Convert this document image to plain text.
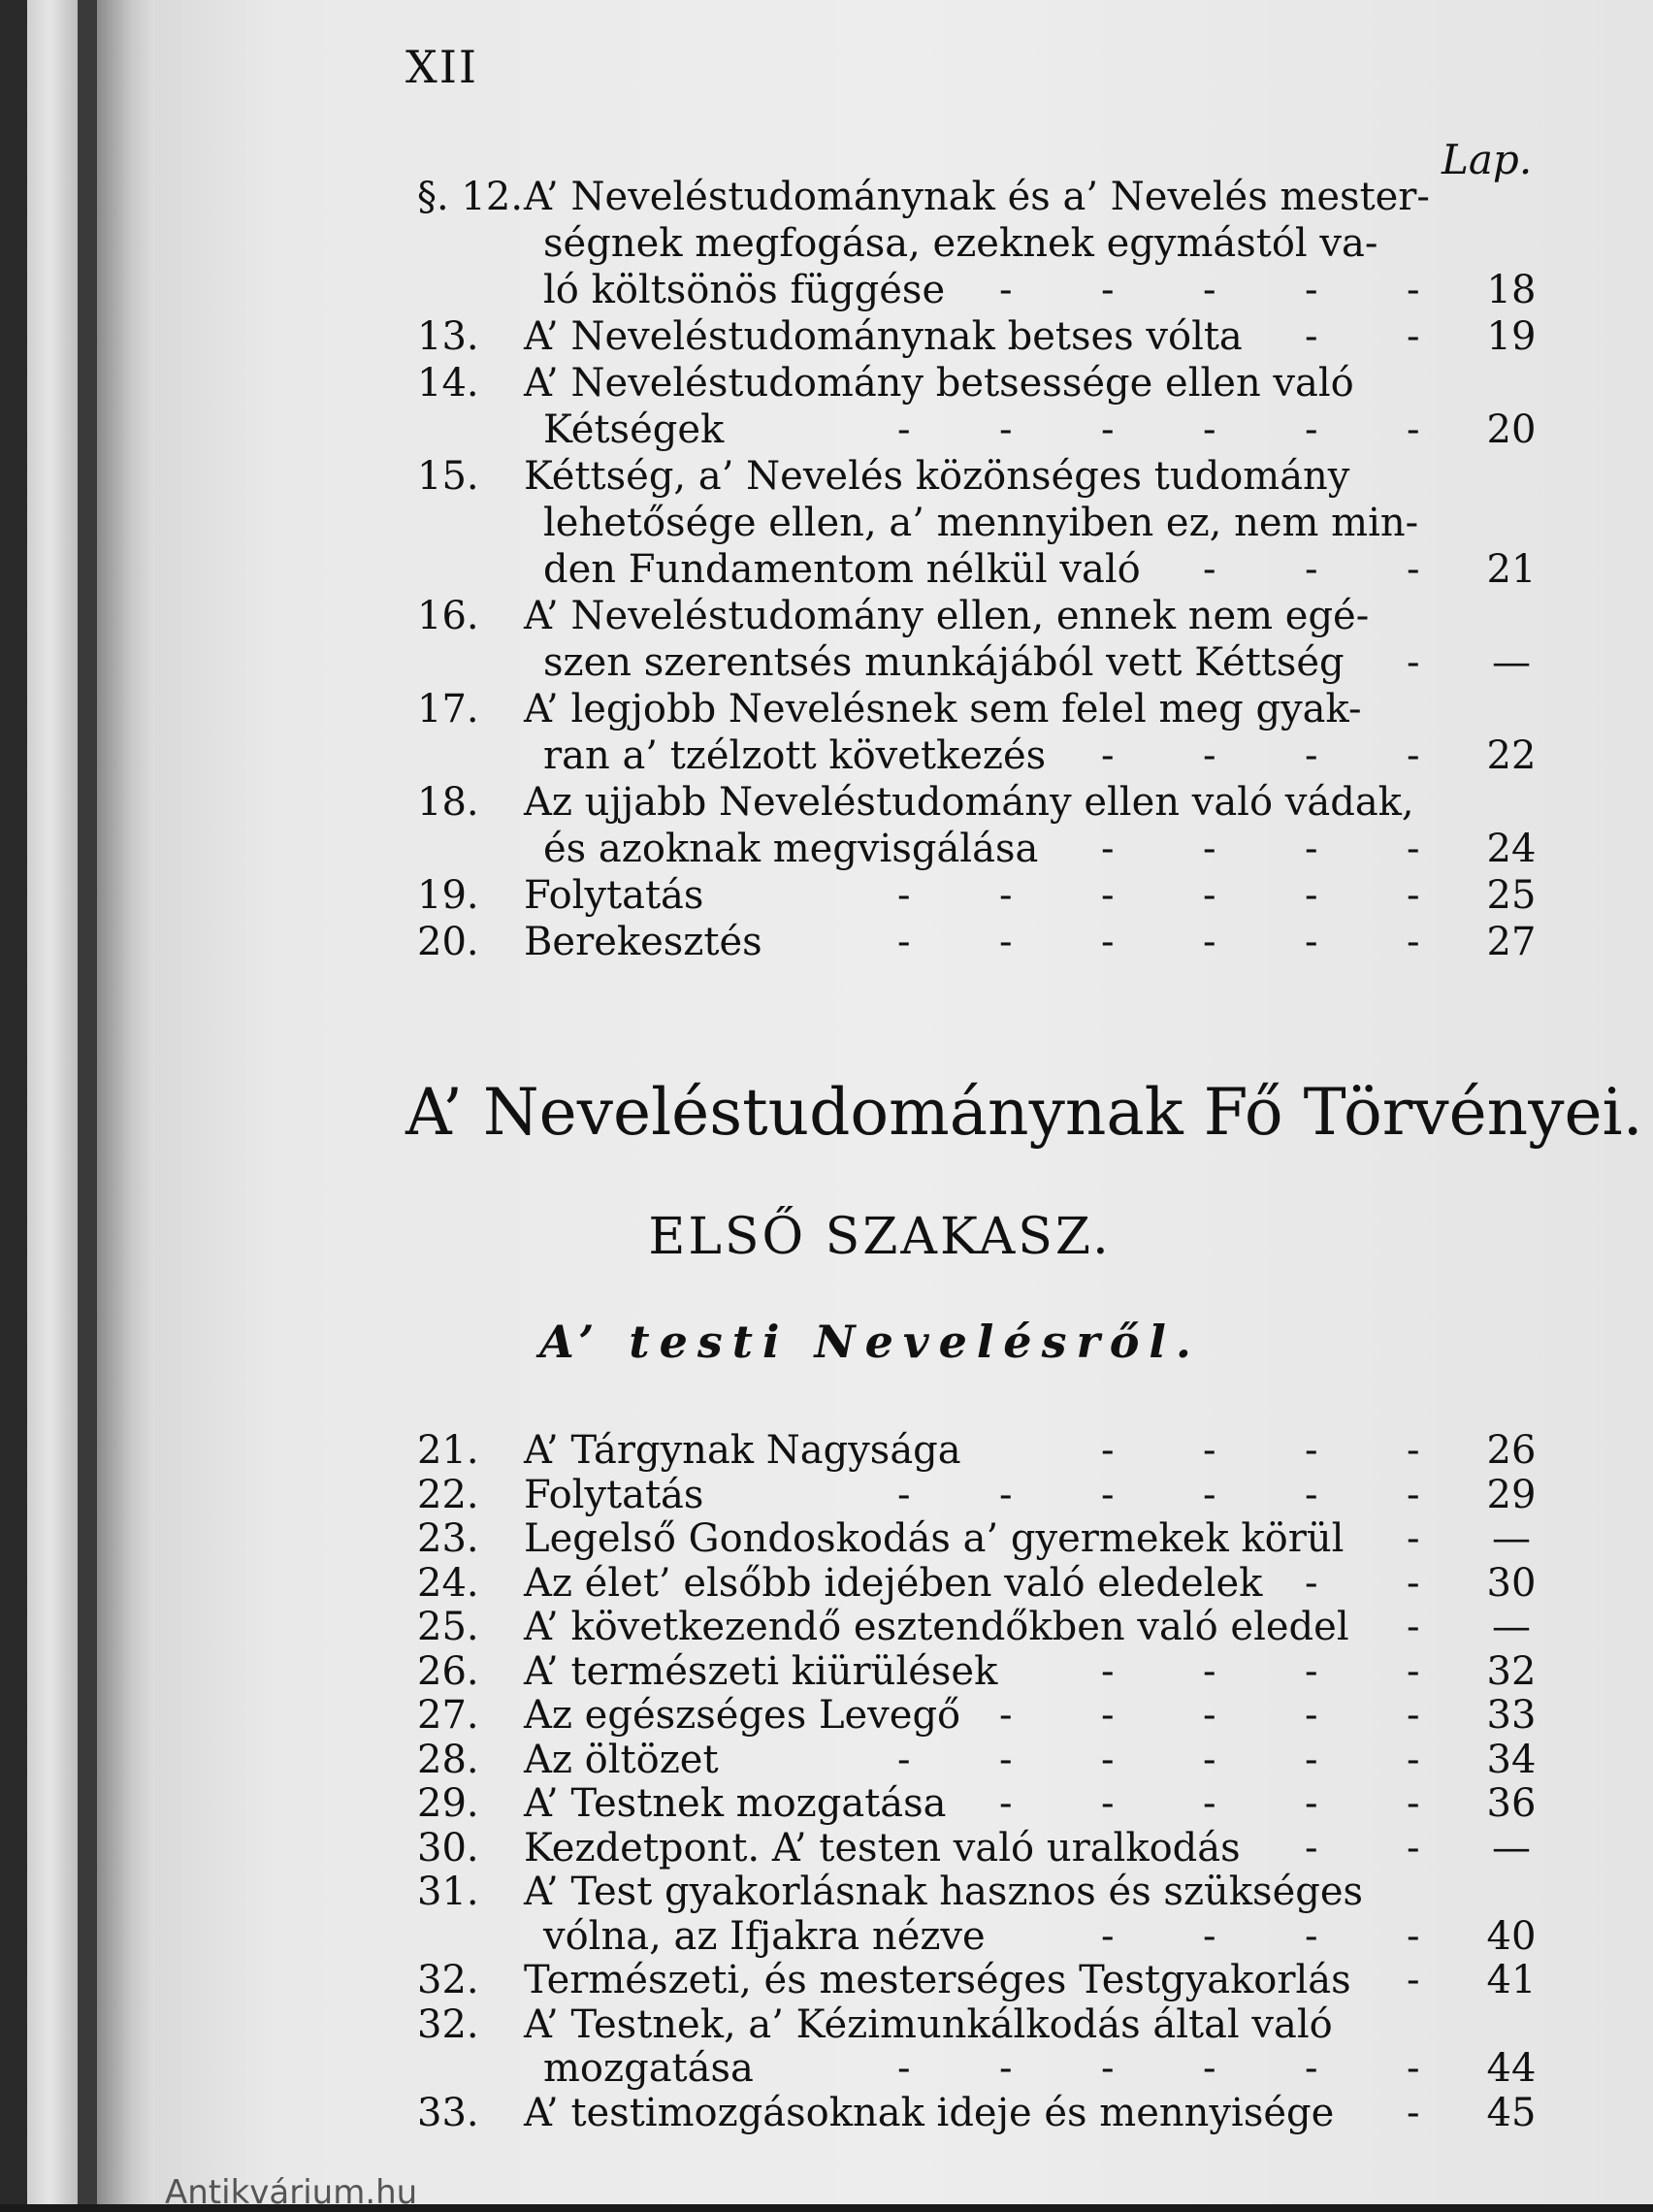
XII
Lap.
§. 12. A’ Neveléstudománynak és a’ Nevelés mester-
ségnek megfogása, ezeknek egymástól va-
ló költsönös függése	18
-
-
-
-
-
13.	A’ Neveléstudománynak betses vólta	19
-
-
14.	A’ Neveléstudomány betsessége ellen való
Kétségek	20
-
-
-
-
-
-
15.	Kéttség, a’ Nevelés közönséges tudomány
lehetősége ellen, a’ mennyiben ez, nem min-
den Fundamentom nélkül való	21
-
-
-
16.	A’ Neveléstudomány ellen, ennek nem egé-
szen szerentsés munkájából vett Kéttség	—
-
17.	A’ legjobb Nevelésnek sem felel meg gyak-
ran a’ tzélzott következés	22
-
-
-
-
18.	Az ujjabb Neveléstudomány ellen való vádak,
és azoknak megvisgálása	24
-
-
-
-
19.	Folytatás	25
-
-
-
-
-
-
20.	Berekesztés	27
-
-
-
-
-
-
A’ Neveléstudománynak Fő Törvényei.
ELSŐ SZAKASZ.
A’ testi Nevelésről.
21.	A’ Tárgynak Nagysága	26
-
-
-
-
22.	Folytatás	29
-
-
-
-
-
-
23.	Legelső Gondoskodás a’ gyermekek körül	—
-
24.	Az élet’ elsőbb idejében való eledelek	30
-
-
25.	A’ következendő esztendőkben való eledel	—
-
26.	A’ természeti kiürülések	32
-
-
-
-
27.	Az egészséges Levegő	33
-
-
-
-
-
28.	Az öltözet	34
-
-
-
-
-
-
29.	A’ Testnek mozgatása	36
-
-
-
-
-
30.	Kezdetpont. A’ testen való uralkodás	—
-
-
31.	A’ Test gyakorlásnak hasznos és szükséges
vólna, az Ifjakra nézve	40
-
-
-
-
32.	Természeti, és mesterséges Testgyakorlás	41
-
32.	A’ Testnek, a’ Kézimunkálkodás által való
mozgatása	44
-
-
-
-
-
-
33.	A’ testimozgásoknak ideje és mennyisége	45
-
Antikvárium.hu
